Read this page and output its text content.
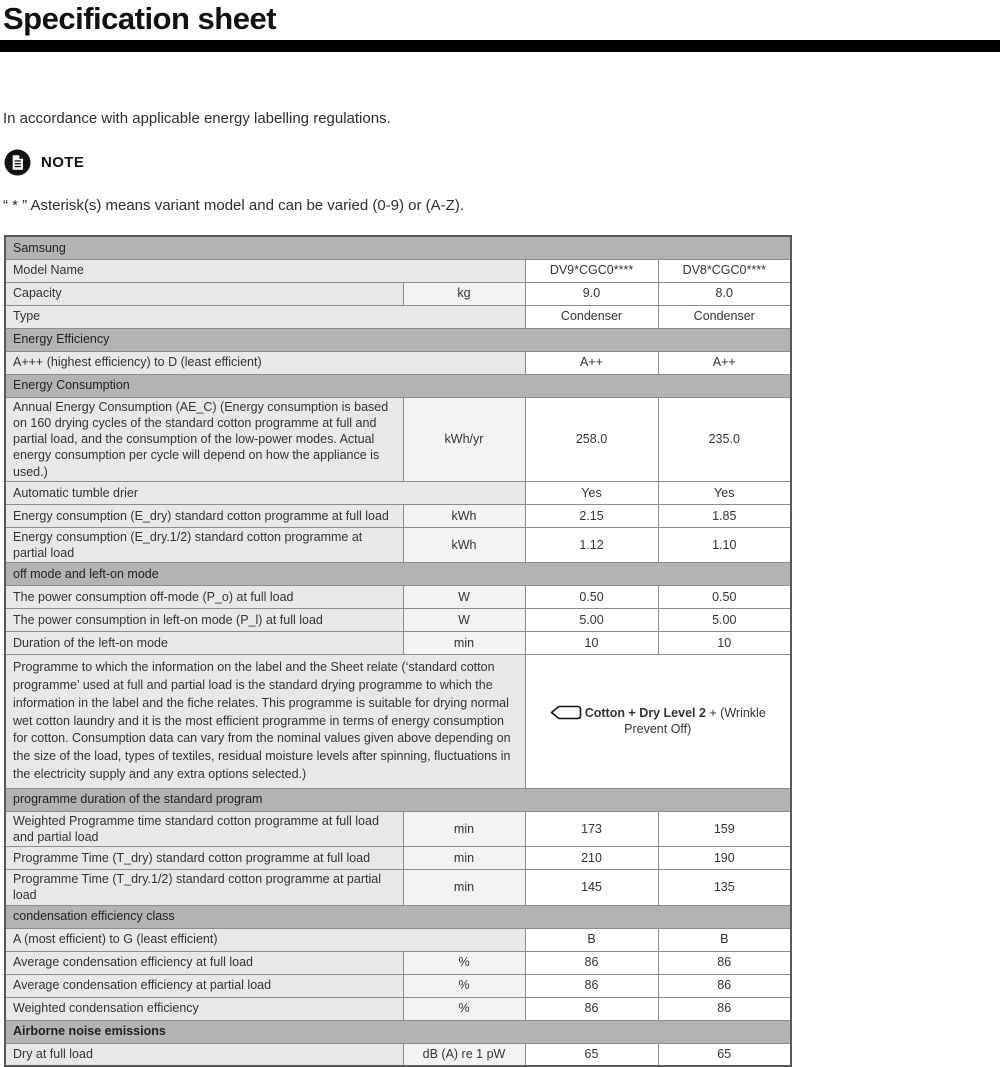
Specification sheet

In accordance with applicable energy labelling regulations.

NOTE

“ * ” Asterisk(s) means variant model and can be varied (0-9) or (A-Z).

Samsung			
Model Name		DV9*CGC0****	DV8*CGC0****
Capacity	kg	9.0	8.0
Type		Condenser	Condenser
Energy Efficiency			
A+++ (highest efficiency) to D (least efficient)		A++	A++
Energy Consumption			
Annual Energy Consumption (AE_C) (Energy consumption is based on 160 drying cycles of the standard cotton programme at full and partial load, and the consumption of the low-power modes. Actual energy consumption per cycle will depend on how the appliance is used.)	kWh/yr	258.0	235.0
Automatic tumble drier		Yes	Yes
Energy consumption (E_dry) standard cotton programme at full load	kWh	2.15	1.85
Energy consumption (E_dry.1/2) standard cotton programme at partial load	kWh	1.12	1.10
off mode and left-on mode			
The power consumption off-mode (P_o) at full load	W	0.50	0.50
The power consumption in left-on mode (P_l) at full load	W	5.00	5.00
Duration of the left-on mode	min	10	10
Programme to which the information on the label and the Sheet relate (‘standard cotton programme’ used at full and partial load is the standard drying programme to which the information in the label and the fiche relates. This programme is suitable for drying normal wet cotton laundry and it is the most efficient programme in terms of energy consumption for cotton. Consumption data can vary from the nominal values given above depending on the size of the load, types of textiles, residual moisture levels after spinning, fluctuations in the electricity supply and any extra options selected.)		Cotton + Dry Level 2 + (Wrinkle Prevent Off)	
programme duration of the standard program			
Weighted Programme time standard cotton programme at full load and partial load	min	173	159
Programme Time (T_dry) standard cotton programme at full load	min	210	190
Programme Time (T_dry.1/2) standard cotton programme at partial load	min	145	135
condensation efficiency class			
A (most efficient) to G (least efficient)		B	B
Average condensation efficiency at full load	%	86	86
Average condensation efficiency at partial load	%	86	86
Weighted condensation efficiency	%	86	86
Airborne noise emissions			
Dry at full load	dB (A) re 1 pW	65	65
